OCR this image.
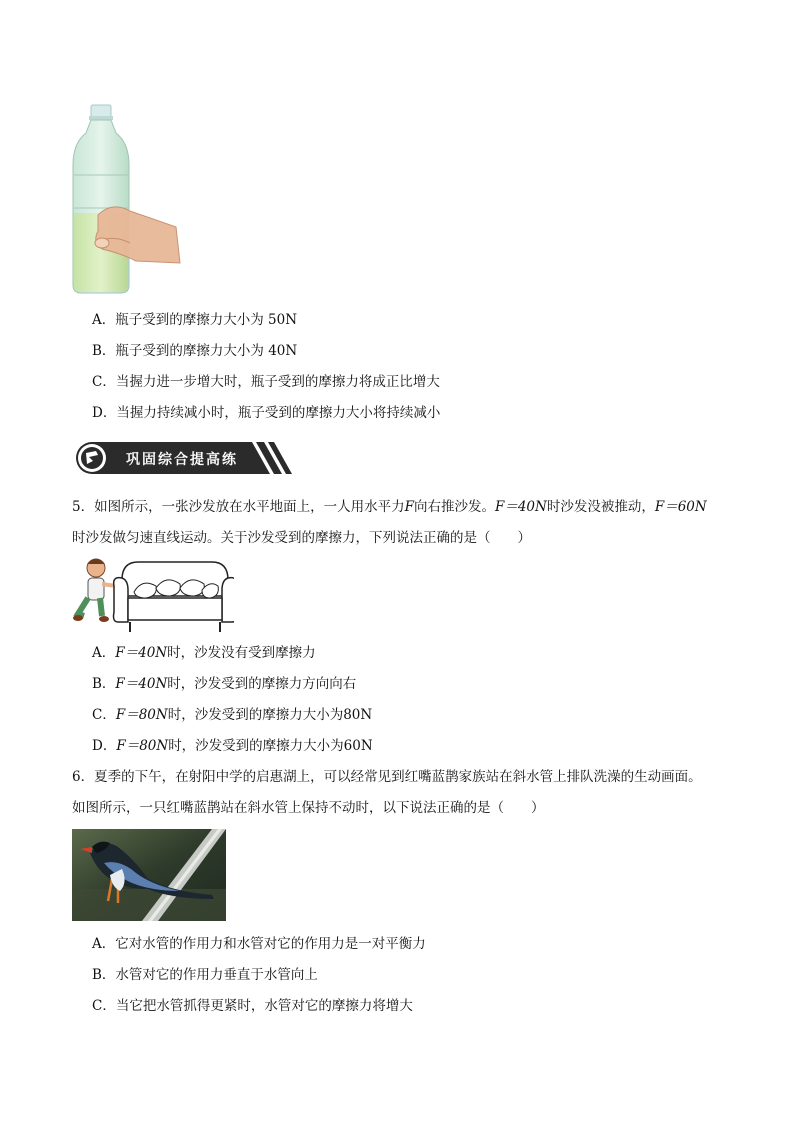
A．瓶子受到的摩擦力大小为 50N
B．瓶子受到的摩擦力大小为 40N
C．当握力进一步增大时，瓶子受到的摩擦力将成正比增大
D．当握力持续减小时，瓶子受到的摩擦力大小将持续减小
巩固综合提高练
5．如图所示，一张沙发放在水平地面上，一人用水平力F向右推沙发。F＝40N时沙发没被推动，F＝60N
时沙发做匀速直线运动。关于沙发受到的摩擦力，下列说法正确的是（　　）
A．F＝40N时，沙发没有受到摩擦力
B．F＝40N时，沙发受到的摩擦力方向向右
C．F＝80N时，沙发受到的摩擦力大小为80N
D．F＝80N时，沙发受到的摩擦力大小为60N
6．夏季的下午，在射阳中学的启惠湖上，可以经常见到红嘴蓝鹊家族站在斜水管上排队洗澡的生动画面。
如图所示，一只红嘴蓝鹊站在斜水管上保持不动时，以下说法正确的是（　　）
A．它对水管的作用力和水管对它的作用力是一对平衡力
B．水管对它的作用力垂直于水管向上
C．当它把水管抓得更紧时，水管对它的摩擦力将增大
